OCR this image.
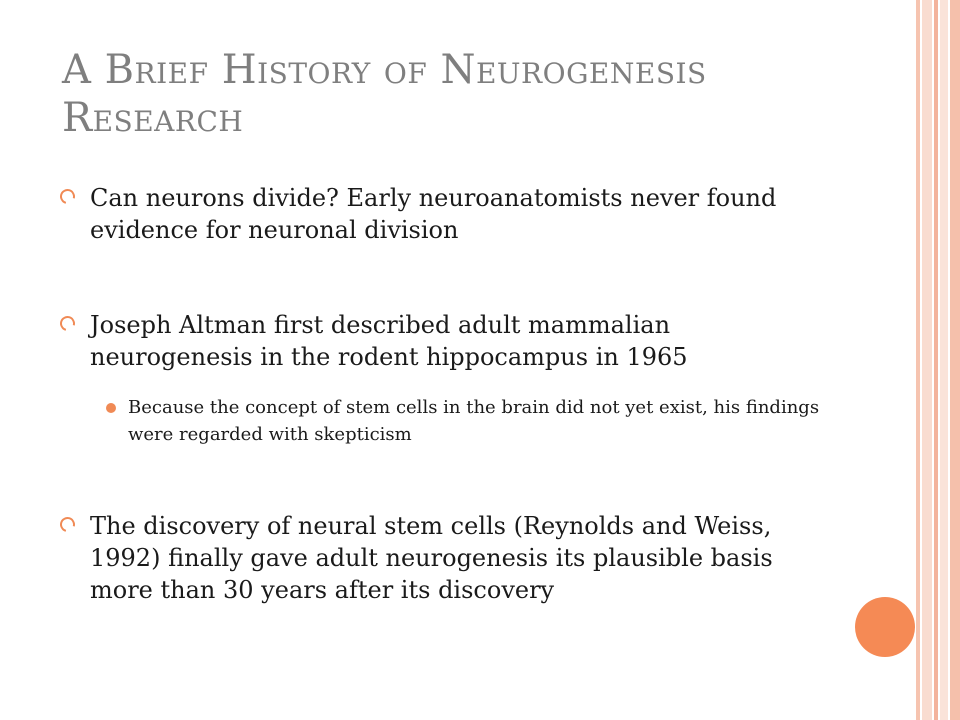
A Brief History of Neurogenesis Research

Can neurons divide? Early neuroanatomists never found evidence for neuronal division

Joseph Altman first described adult mammalian neurogenesis in the rodent hippocampus in 1965

Because the concept of stem cells in the brain did not yet exist, his findings were regarded with skepticism

The discovery of neural stem cells (Reynolds and Weiss, 1992) finally gave adult neurogenesis its plausible basis more than 30 years after its discovery
